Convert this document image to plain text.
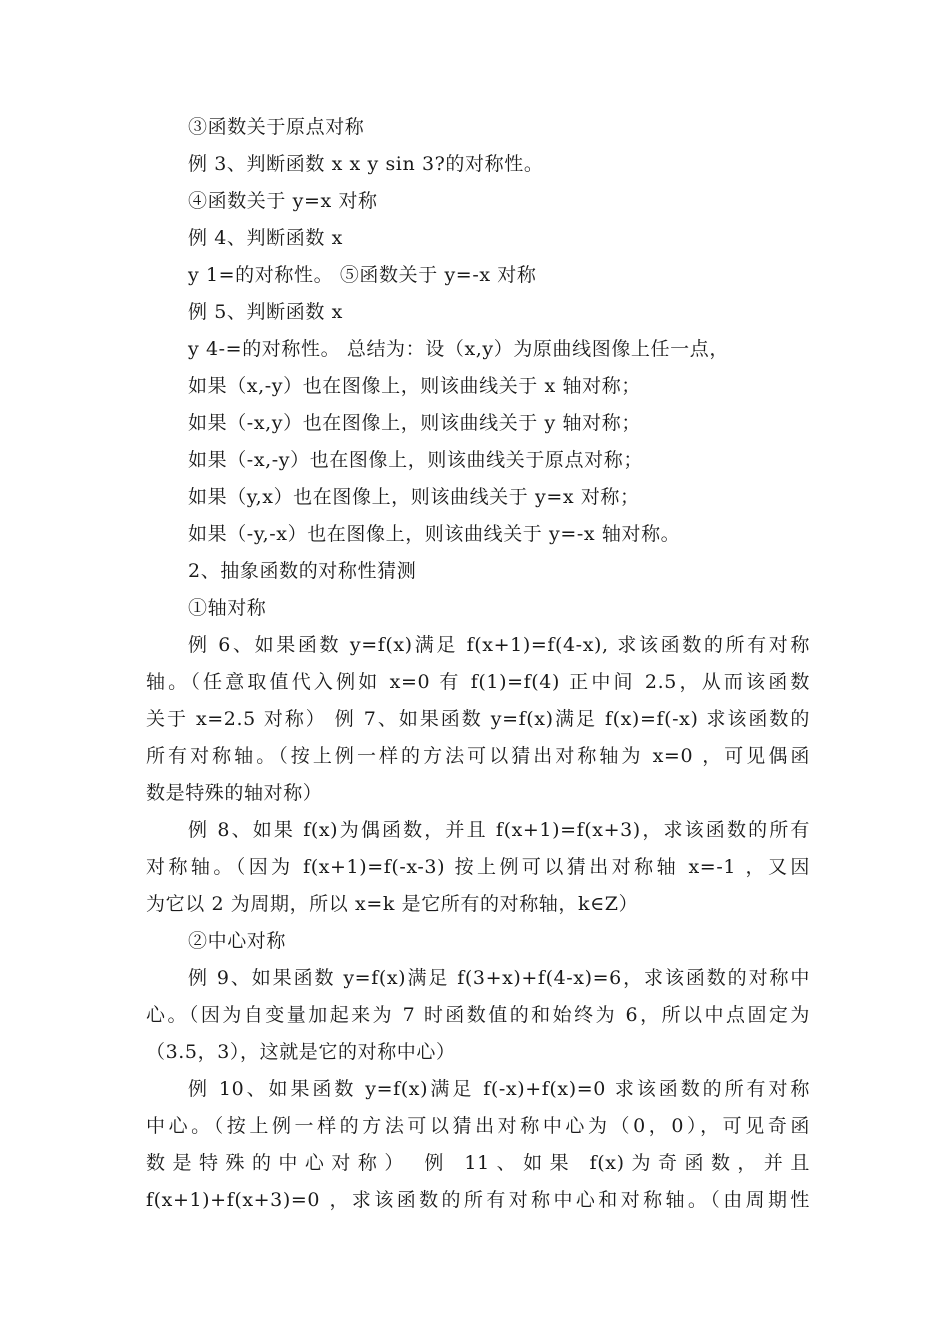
③函数关于原点对称
例 3、判断函数 x x y sin 3?的对称性。
④函数关于 y=x 对称
例 4、判断函数 x
y 1=的对称性。 ⑤函数关于 y=-x 对称
例 5、判断函数 x
y 4-=的对称性。 总结为：设（x,y）为原曲线图像上任一点，
如果（x,-y）也在图像上，则该曲线关于 x 轴对称；
如果（-x,y）也在图像上，则该曲线关于 y 轴对称；
如果（-x,-y）也在图像上，则该曲线关于原点对称；
如果（y,x）也在图像上，则该曲线关于 y=x 对称；
如果（-y,-x）也在图像上，则该曲线关于 y=-x 轴对称。
2、抽象函数的对称性猜测
①轴对称
例 6、如果函数 y=f(x)满足 f(x+1)=f(4-x), 求该函数的所有对称
轴。（任意取值代入例如 x=0 有 f(1)=f(4) 正中间 2.5，从而该函数
关于 x=2.5 对称） 例 7、如果函数 y=f(x)满足 f(x)=f(-x) 求该函数的
所有对称轴。（按上例一样的方法可以猜出对称轴为 x=0 ，可见偶函
数是特殊的轴对称）
例 8、如果 f(x)为偶函数，并且 f(x+1)=f(x+3)，求该函数的所有
对称轴。（因为 f(x+1)=f(-x-3) 按上例可以猜出对称轴 x=-1 ，又因
为它以 2 为周期，所以 x=k 是它所有的对称轴，k∈Z）
②中心对称
例 9、如果函数 y=f(x)满足 f(3+x)+f(4-x)=6，求该函数的对称中
心。（因为自变量加起来为 7 时函数值的和始终为 6，所以中点固定为
（3.5，3），这就是它的对称中心）
例 10、如果函数 y=f(x)满足 f(-x)+f(x)=0 求该函数的所有对称
中心。（按上例一样的方法可以猜出对称中心为（0，0），可见奇函
数是特殊的中心对称） 例 11、如果 f(x)为奇函数，并且
f(x+1)+f(x+3)=0 ，求该函数的所有对称中心和对称轴。（由周期性
